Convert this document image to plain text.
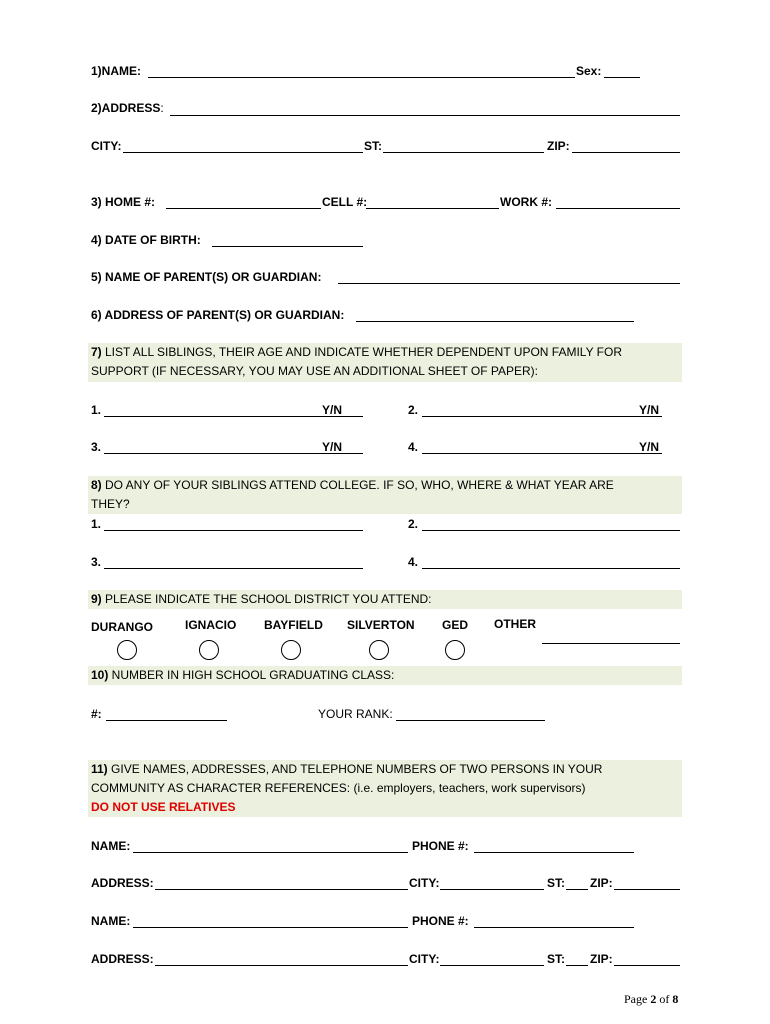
1)NAME:	Sex:
2)ADDRESS:
CITY:	ST:	ZIP:
3) HOME #:	CELL #:	WORK #:
4) DATE OF BIRTH:
5) NAME OF PARENT(S) OR GUARDIAN:
6) ADDRESS OF PARENT(S) OR GUARDIAN:
7) LIST ALL SIBLINGS, THEIR AGE AND INDICATE WHETHER DEPENDENT UPON FAMILY FOR
SUPPORT (IF NECESSARY, YOU MAY USE AN ADDITIONAL SHEET OF PAPER):
1.	Y/N	2.	Y/N
3.	Y/N	4.	Y/N
8) DO ANY OF YOUR SIBLINGS ATTEND COLLEGE. IF SO, WHO, WHERE & WHAT YEAR ARE
THEY?
1.	2.
3.	4.
9) PLEASE INDICATE THE SCHOOL DISTRICT YOU ATTEND:
DURANGO	IGNACIO BAYFIELD SILVERTON GED OTHER
10) NUMBER IN HIGH SCHOOL GRADUATING CLASS:
#:	YOUR RANK:
11) GIVE NAMES, ADDRESSES, AND TELEPHONE NUMBERS OF TWO PERSONS IN YOUR
COMMUNITY AS CHARACTER REFERENCES: (i.e. employers, teachers, work supervisors)
DO NOT USE RELATIVES
NAME:	PHONE #:
ADDRESS:	CITY:	ST: ZIP:
NAME:	PHONE #:
ADDRESS:	CITY:	ST: ZIP:
Page 2 of 8
